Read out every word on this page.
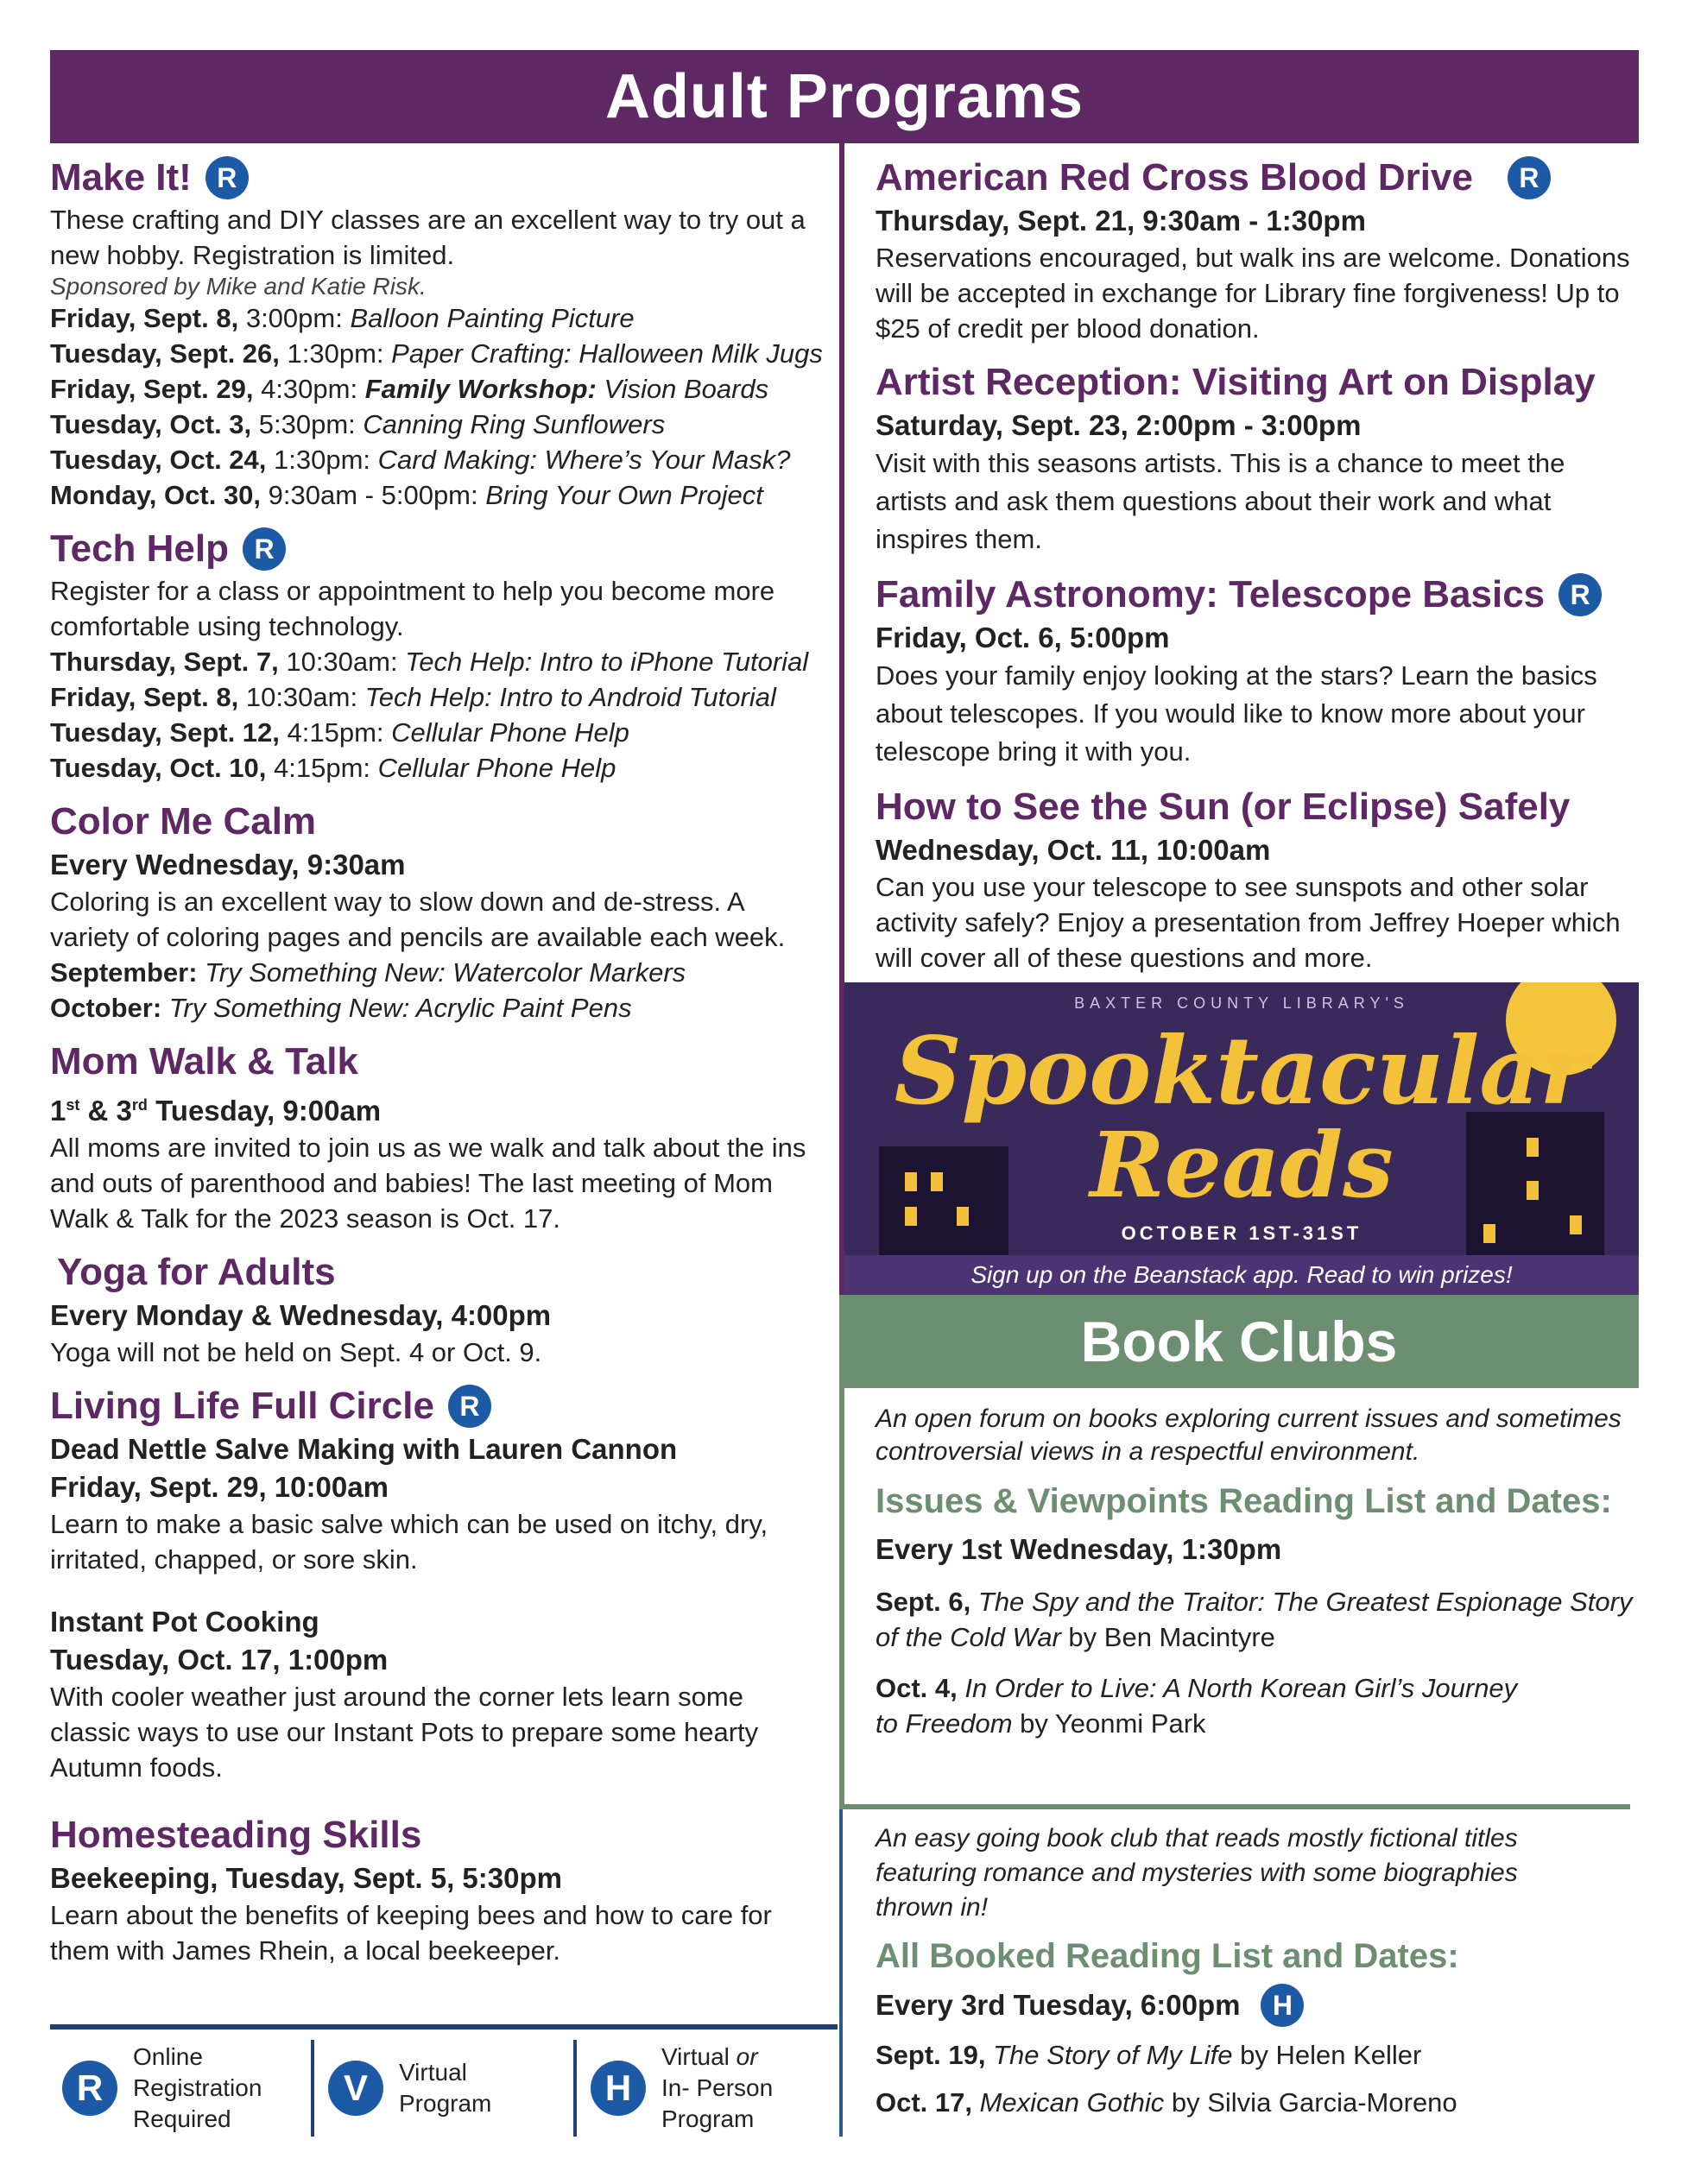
Adult Programs
Make It! R

These crafting and DIY classes are an excellent way to try out a new hobby. Registration is limited.

Sponsored by Mike and Katie Risk.
Friday, Sept. 8, 3:00pm: Balloon Painting Picture
Tuesday, Sept. 26, 1:30pm: Paper Crafting: Halloween Milk Jugs
Friday, Sept. 29, 4:30pm: Family Workshop: Vision Boards
Tuesday, Oct. 3, 5:30pm: Canning Ring Sunflowers
Tuesday, Oct. 24, 1:30pm: Card Making: Where’s Your Mask?
Monday, Oct. 30, 9:30am - 5:00pm: Bring Your Own Project
Tech Help R

Register for a class or appointment to help you become more comfortable using technology.

Thursday, Sept. 7, 10:30am: Tech Help: Intro to iPhone Tutorial
Friday, Sept. 8, 10:30am: Tech Help: Intro to Android Tutorial
Tuesday, Sept. 12, 4:15pm: Cellular Phone Help
Tuesday, Oct. 10, 4:15pm: Cellular Phone Help
Color Me Calm
Every Wednesday, 9:30am

Coloring is an excellent way to slow down and de-stress. A variety of coloring pages and pencils are available each week.

September: Try Something New: Watercolor Markers
October: Try Something New: Acrylic Paint Pens
Mom Walk & Talk
1st & 3rd Tuesday, 9:00am

All moms are invited to join us as we walk and talk about the ins and outs of parenthood and babies! The last meeting of Mom Walk & Talk for the 2023 season is Oct. 17.

Yoga for Adults
Every Monday & Wednesday, 4:00pm

Yoga will not be held on Sept. 4 or Oct. 9.

Living Life Full Circle R
Dead Nettle Salve Making with Lauren Cannon
Friday, Sept. 29, 10:00am

Learn to make a basic salve which can be used on itchy, dry, irritated, chapped, or sore skin.

Instant Pot Cooking
Tuesday, Oct. 17, 1:00pm

With cooler weather just around the corner lets learn some classic ways to use our Instant Pots to prepare some hearty Autumn foods.

Homesteading Skills
Beekeeping, Tuesday, Sept. 5, 5:30pm

Learn about the benefits of keeping bees and how to care for them with James Rhein, a local beekeeper.

American Red Cross Blood Drive	R
Thursday, Sept. 21, 9:30am - 1:30pm

Reservations encouraged, but walk ins are welcome. Donations will be accepted in exchange for Library fine forgiveness! Up to $25 of credit per blood donation.

Artist Reception: Visiting Art on Display
Saturday, Sept. 23, 2:00pm - 3:00pm

Visit with this seasons artists. This is a chance to meet the artists and ask them questions about their work and what inspires them.

Family Astronomy: Telescope Basics R
Friday, Oct. 6, 5:00pm

Does your family enjoy looking at the stars? Learn the basics about telescopes. If you would like to know more about your telescope bring it with you.

How to See the Sun (or Eclipse) Safely
Wednesday, Oct. 11, 10:00am

Can you use your telescope to see sunspots and other solar activity safely? Enjoy a presentation from Jeffrey Hoeper which will cover all of these questions and more.

BAXTER COUNTY LIBRARY'S
Spooktacular
Reads
OCTOBER 1ST-31ST
Sign up on the Beanstack app. Read to win prizes!
Book Clubs

An open forum on books exploring current issues and sometimes controversial views in a respectful environment.

Issues & Viewpoints Reading List and Dates:
Every 1st Wednesday, 1:30pm
Sept. 6, The Spy and the Traitor: The Greatest Espionage Story of the Cold War by Ben Macintyre
Oct. 4, In Order to Live: A North Korean Girl’s Journey to Freedom by Yeonmi Park

An easy going book club that reads mostly fictional titles featuring romance and mysteries with some biographies thrown in!

All Booked Reading List and Dates:
Every 3rd Tuesday, 6:00pm	H
Sept. 19, The Story of My Life by Helen Keller
Oct. 17, Mexican Gothic by Silvia Garcia-Moreno
R
Online
Registration
Required
V	Virtual
Program	H
Virtual or
In- Person
Program
